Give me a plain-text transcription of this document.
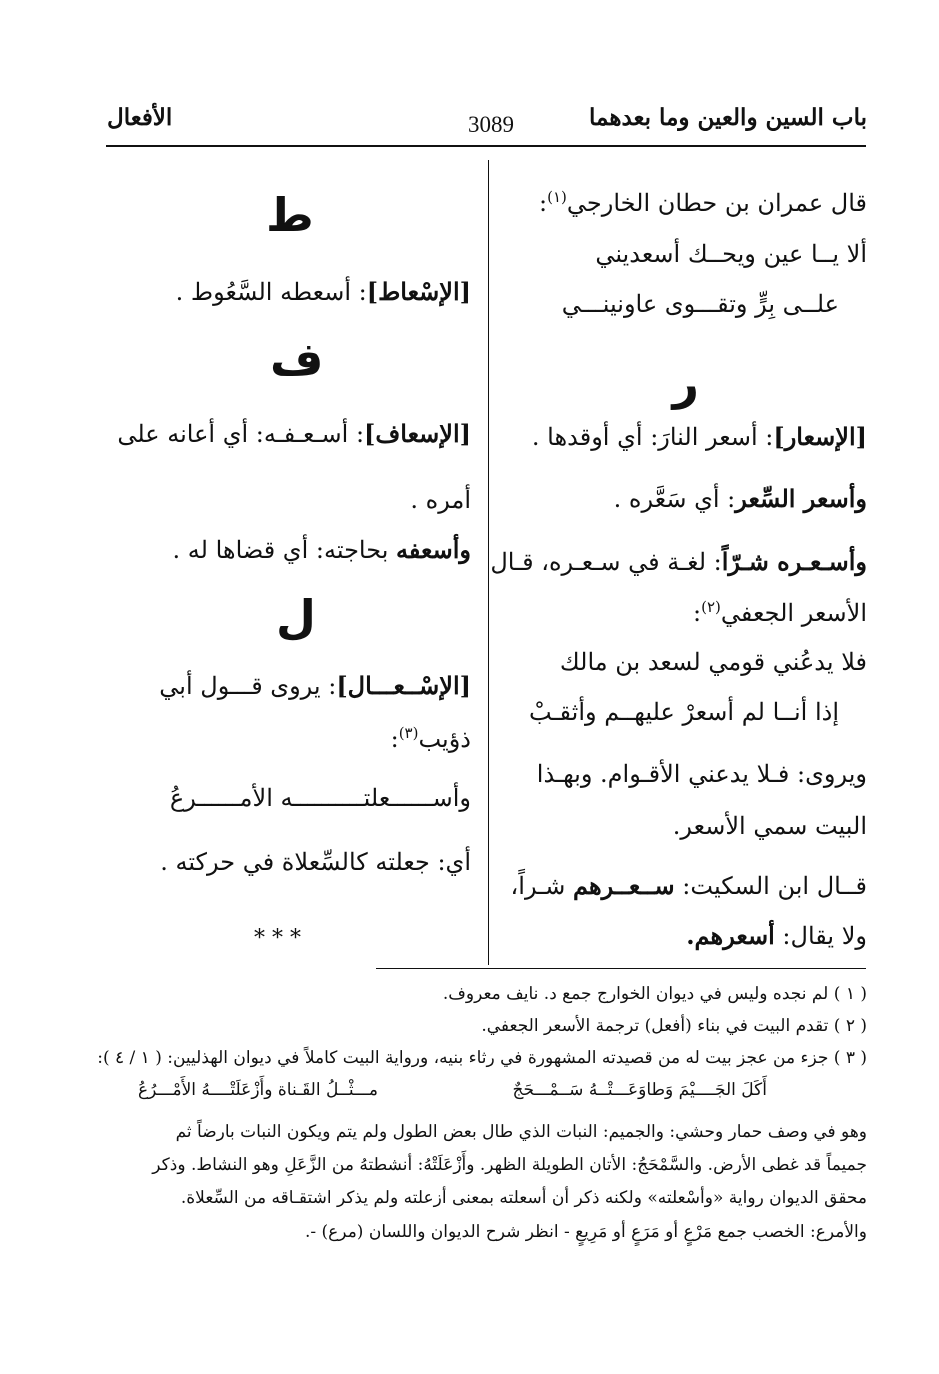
باب السين والعين وما بعدهما
3089
الأفعال
قال عمران بن حطان الخارجي$^{(١)}$:
ألا يــا عين ويحــك أسعديني
علــى بِرٍّ وتقـــوى عاونينـــي
ر
[الإسعار]: أسعر النارَ: أي أوقدها .
وأسعر السِّعر: أي سَعَّره .
وأسـعـره شـرّاً: لغـة في سـعـره، قـال
الأسعر الجعفي$^{(٢)}$:
فلا يدعُني قومي لسعد بن مالك
إذا أنــا لم أسعرْ عليهــم وأثقـبْ
ويروى: فـلا يدعني الأقـوام. وبهـذا
البيت سمي الأسعر.
قــال ابن السكيت: ســعــرهم شـراً،
ولا يقال: أسعرهم.
ط
[الإسْعاط]: أسعطه السَّعُوط .
ف
[الإسعاف]: أسـعـفـه: أي أعانه على
أمره .
وأسعفه بحاجته: أي قضاها له .
ل
[الإسْــعـــال]: يروى قـــول أبي
ذؤيب$^{(٣)}$:
وأســــــعلتــــــــــه الأمــــــرعُ
أي: جعلته كالسِّعلاة في حركته .
* * *
( ١ ) لم نجده وليس في ديوان الخوارج جمع د. نايف معروف.
( ٢ ) تقدم البيت في بناء (أفعل) ترجمة الأسعر الجعفي.
( ٣ ) جزء من عجز بيت له من قصيدته المشهورة في رثاء بنيه، ورواية البيت كاملاً في ديوان الهذليين: ( ١ / ٤ ):
أَكَلَ الجَــــيْمَ وَطاوَعَـــتْــهُ سَــمْـــحَجٌ
مـــثْــلُ القَـناة وأَزْعَلَتْــــهُ الأَمْـــرُعُ
وهو في وصف حمار وحشي: والجميم: النبات الذي طال بعض الطول ولم يتم ويكون النبات بارضاً ثم
جميماً قد غطى الأرض. والسَّمْحَجُ: الأتان الطويلة الظهر. وأَزْعَلَتْهُ: أنشطتهُ من الزَّعَلِ وهو النشاط. وذكر
محقق الديوان رواية «وأسْعلته» ولكنه ذكر أن أسعلته بمعنى أزعلته ولم يذكر اشتقـاقه من السِّعلاة.
والأمرع: الخصب جمع مَرْعٍ أو مَرَعٍ أو مَرِيعٍ - انظر شرح الديوان واللسان (مرع) -.
